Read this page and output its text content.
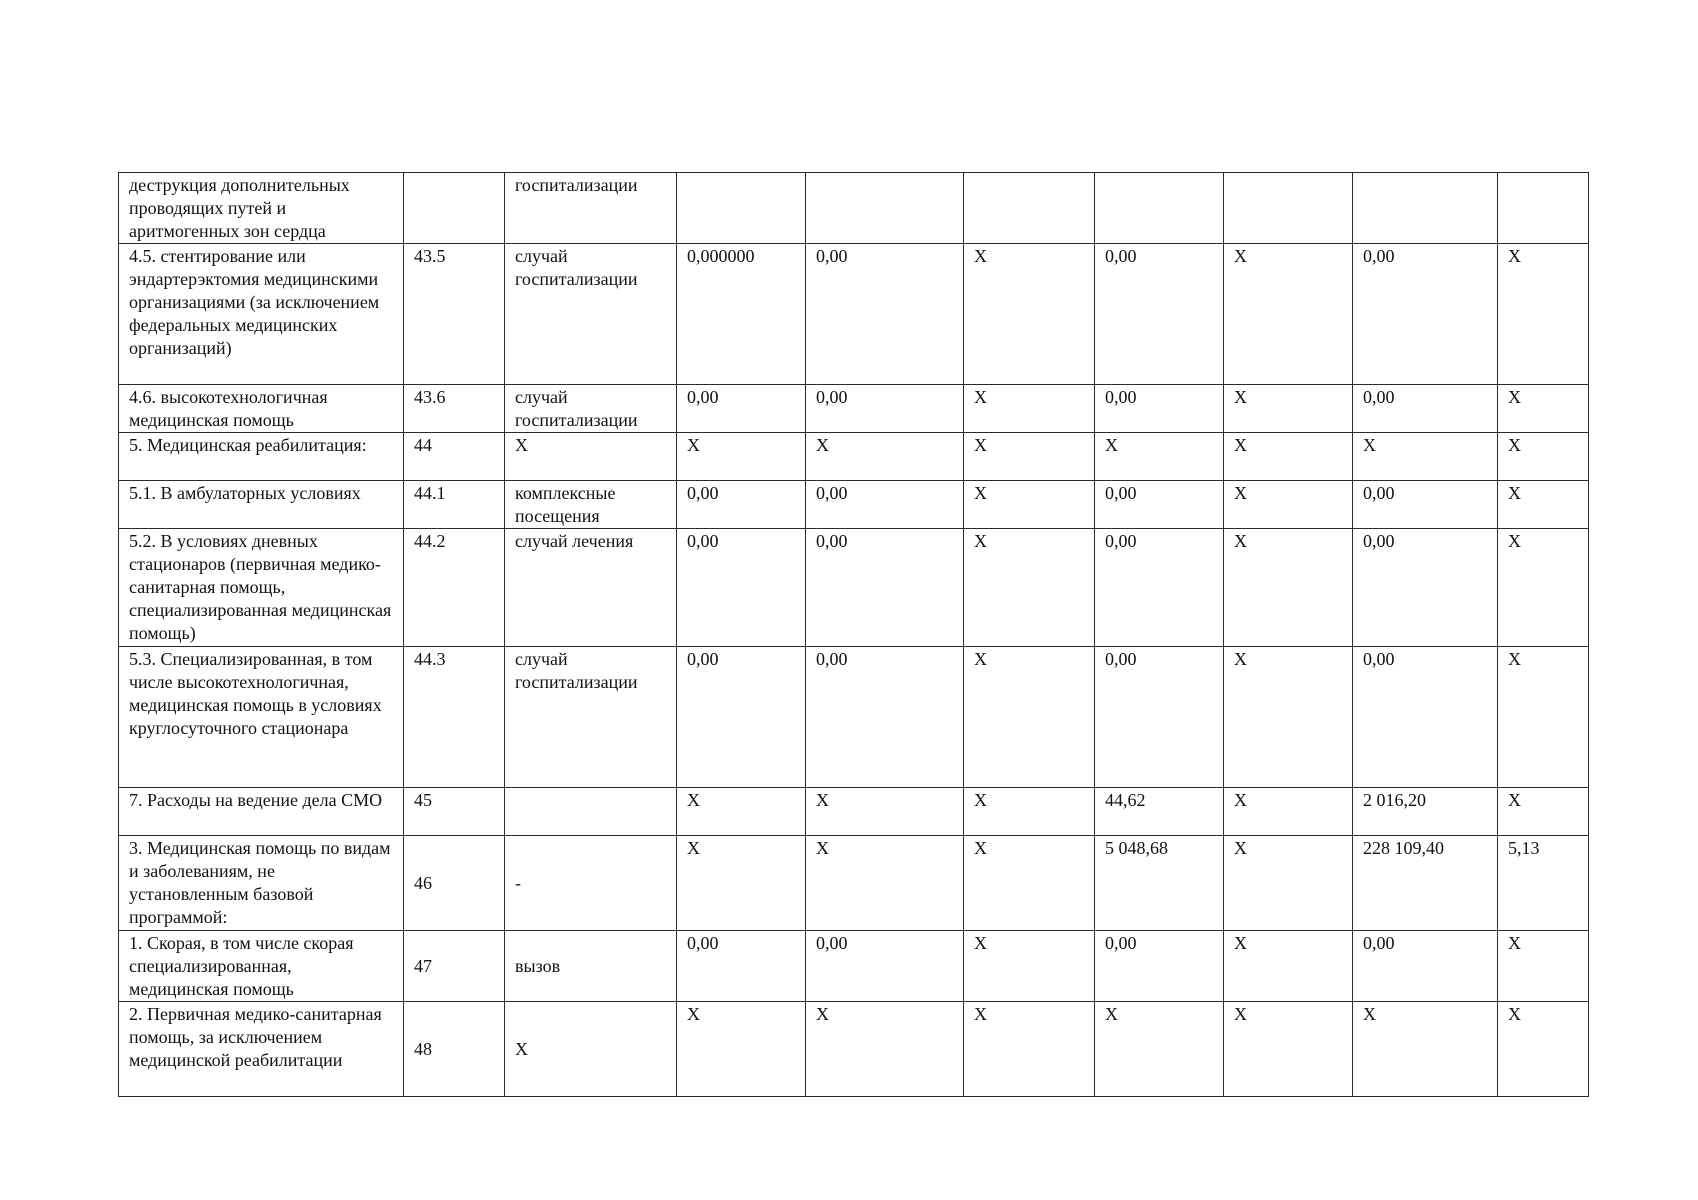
деструкция дополнительных проводящих путей и аритмогенных зон сердца		госпитализации							
4.5. стентирование или эндартерэктомия медицинскими организациями (за исключением федеральных медицинских организаций)	43.5	случай госпитализации	0,000000	0,00	X	0,00	X	0,00	X
4.6. высокотехнологичная медицинская помощь	43.6	случай госпитализации	0,00	0,00	X	0,00	X	0,00	X
5. Медицинская реабилитация:	44	X	X	X	X	X	X	X	X
5.1. В амбулаторных условиях	44.1	комплексные посещения	0,00	0,00	X	0,00	X	0,00	X
5.2. В условиях дневных стационаров (первичная медико-санитарная помощь, специализированная медицинская помощь)	44.2	случай лечения	0,00	0,00	X	0,00	X	0,00	X
5.3. Специализированная, в том числе высокотехнологичная, медицинская помощь в условиях круглосуточного стационара	44.3	случай госпитализации	0,00	0,00	X	0,00	X	0,00	X
7. Расходы на ведение дела СМО	45		X	X	X	44,62	X	2 016,20	X
3. Медицинская помощь по видам и заболеваниям, не установленным базовой программой:	46	-	X	X	X	5 048,68	X	228 109,40	5,13
1. Скорая, в том числе скорая специализированная, медицинская помощь	47	вызов	0,00	0,00	X	0,00	X	0,00	X
2. Первичная медико-санитарная помощь, за исключением медицинской реабилитации	48	X	X	X	X	X	X	X	X
